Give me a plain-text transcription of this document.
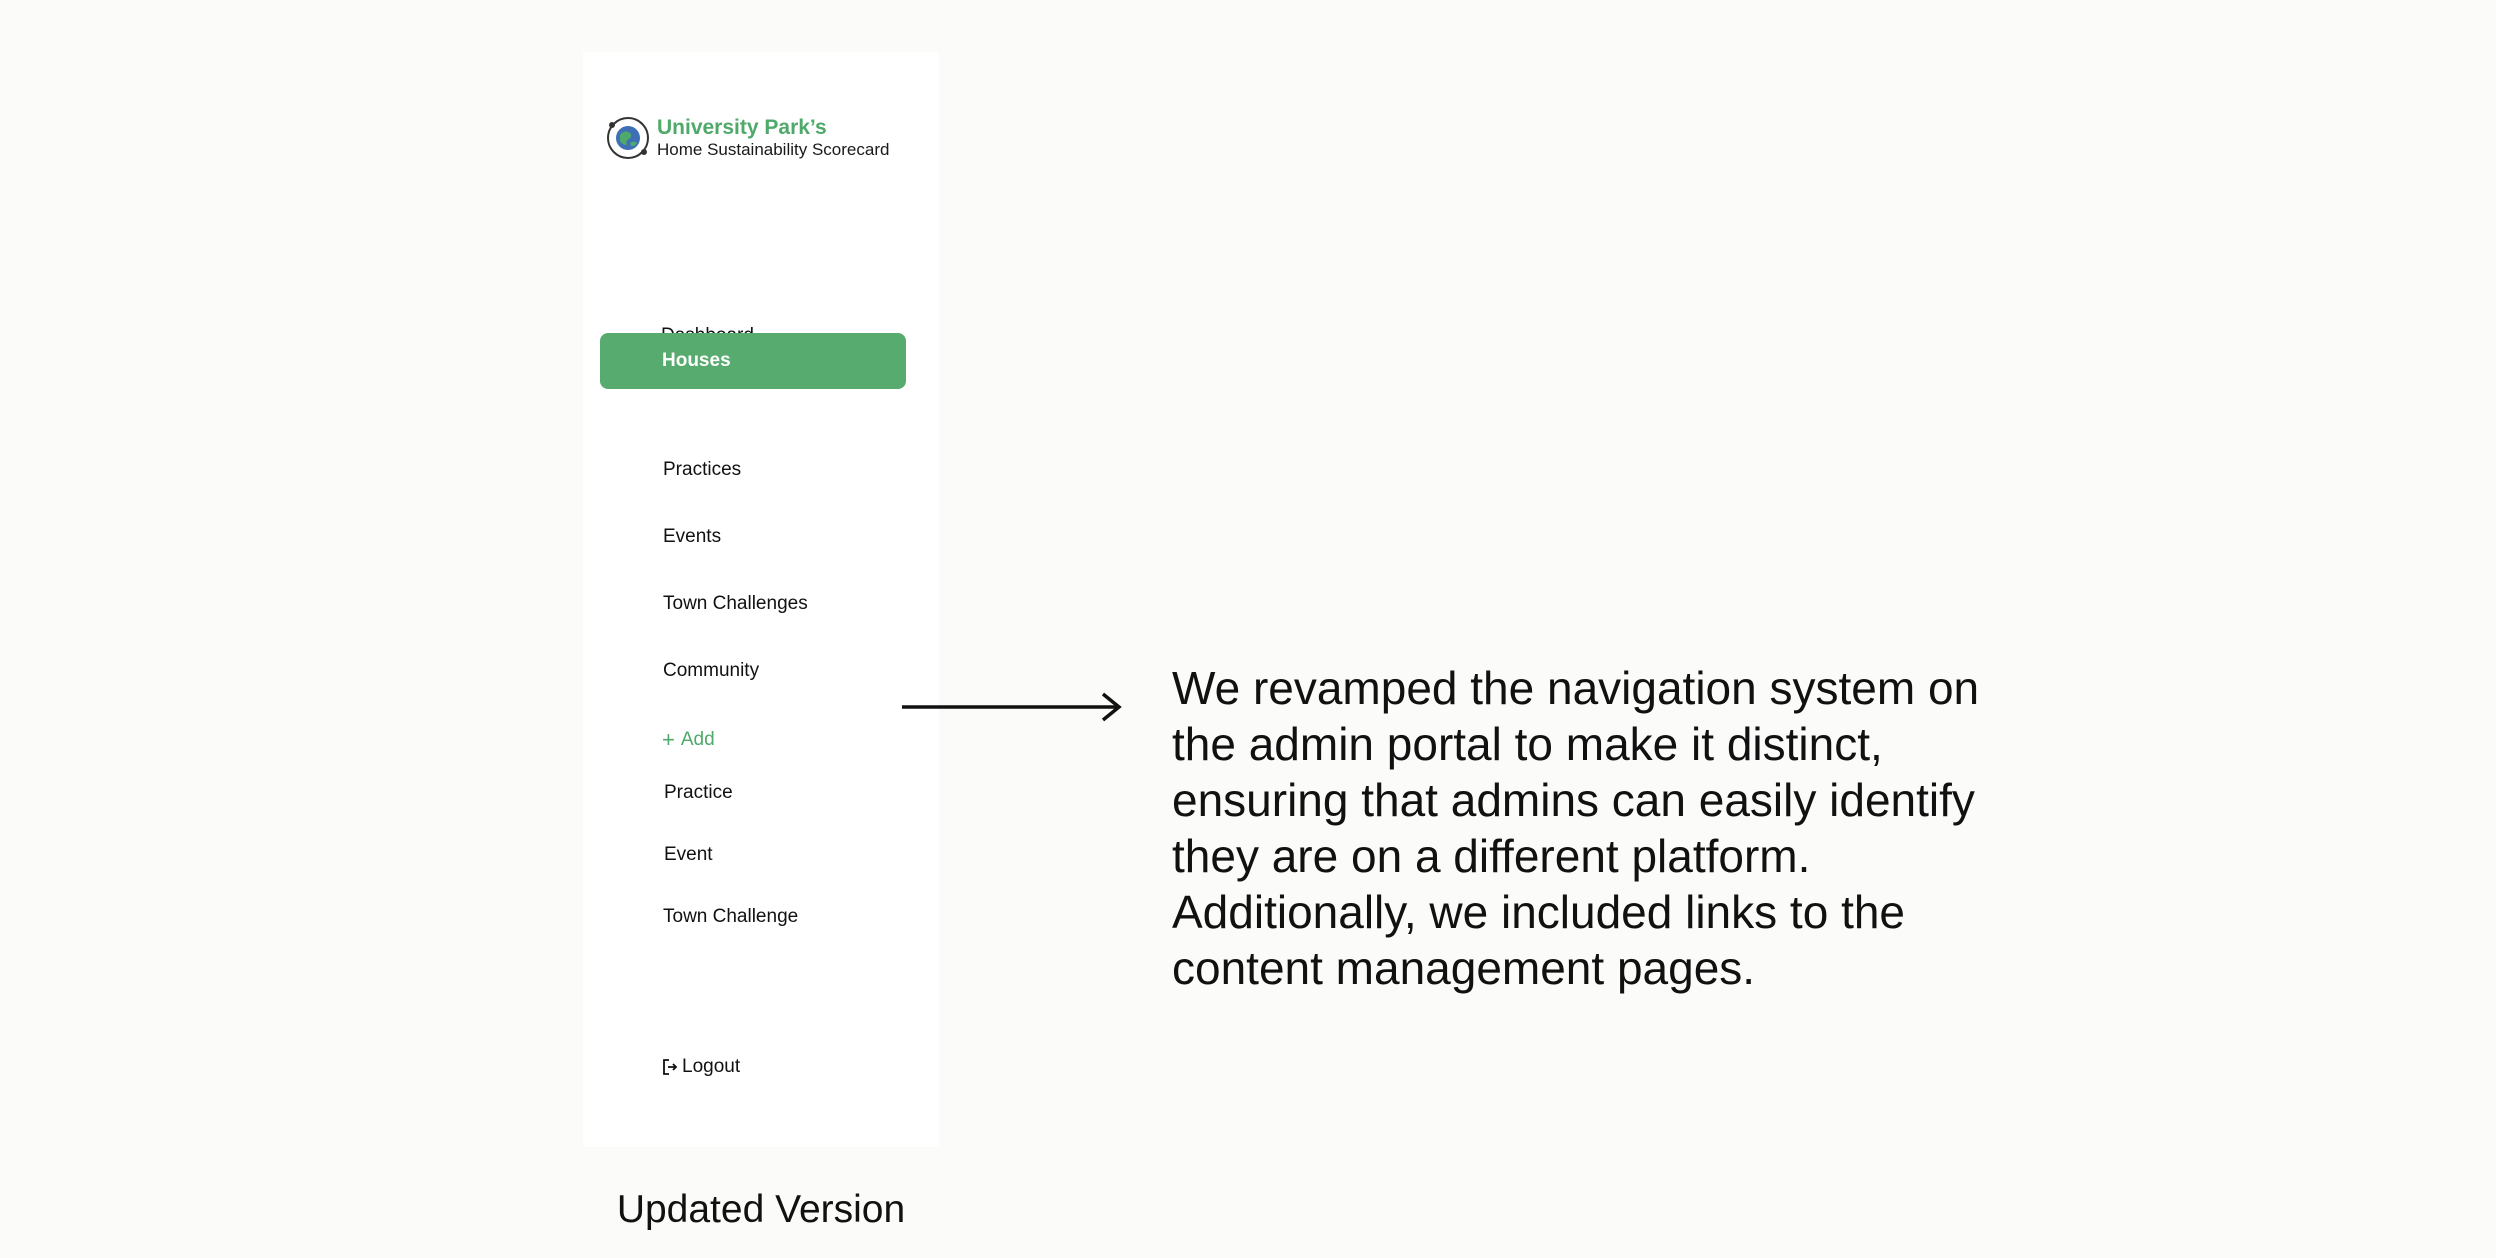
University Park’s
Home Sustainability Scorecard
Houses
Practices
Events
Town Challenges
Community
+ Add
Practice
Event
Town Challenge
Logout

We revamped the navigation system on the admin portal to make it distinct, ensuring that admins can easily identify they are on a different platform. Additionally, we included links to the content management pages.

Updated Version
